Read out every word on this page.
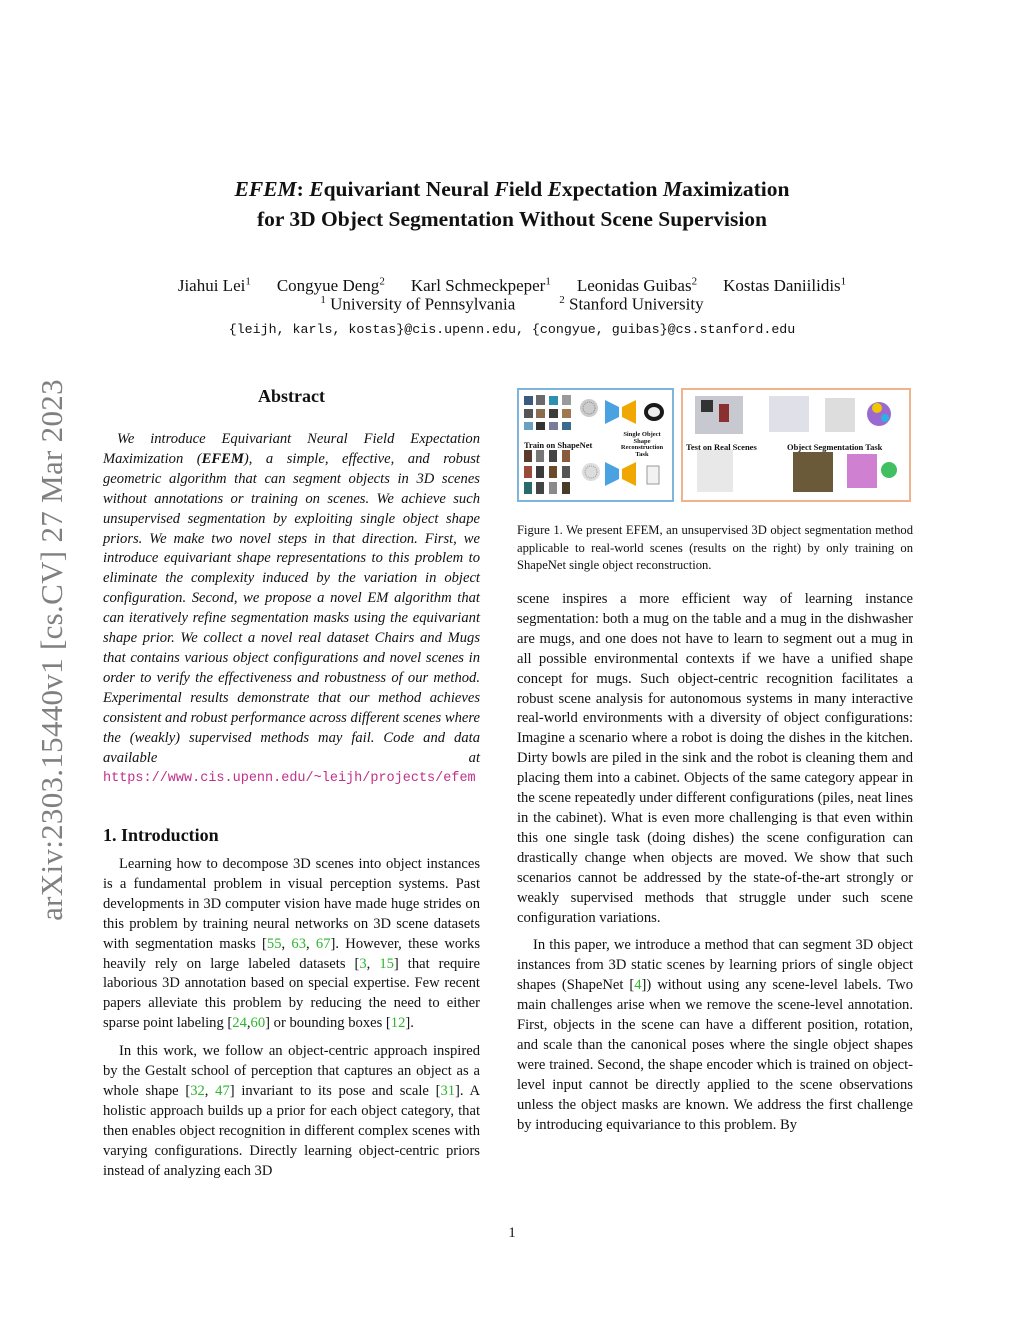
EFEM: Equivariant Neural Field Expectation Maximization
for 3D Object Segmentation Without Scene Supervision
Jiahui Lei$^1$ Congyue Deng$^2$ Karl Schmeckpeper$^1$ Leonidas Guibas$^2$ Kostas Daniilidis$^1$
$^1$ University of Pennsylvania	$^2$ Stanford University
{leijh, karls, kostas}@cis.upenn.edu, {congyue, guibas}@cs.stanford.edu
arXiv:2303.15440v1 [cs.CV] 27 Mar 2023	Abstract

We introduce Equivariant Neural Field Expectation Maximization (EFEM), a simple, effective, and robust geometric algorithm that can segment objects in 3D scenes without annotations or training on scenes. We achieve such unsupervised segmentation by exploiting single object shape priors. We make two novel steps in that direction. First, we introduce equivariant shape representations to this problem to eliminate the complexity induced by the variation in object configuration. Second, we propose a novel EM algorithm that can iteratively refine segmentation masks using the equivariant shape prior. We collect a novel real dataset Chairs and Mugs that contains various object configurations and novel scenes in order to verify the effectiveness and robustness of our method. Experimental results demonstrate that our method achieves consistent and robust performance across different scenes where the (weakly) supervised methods may fail. Code and data available at https://www.cis.upenn.edu/~leijh/projects/efem

1. Introduction

Learning how to decompose 3D scenes into object instances is a fundamental problem in visual perception systems. Past developments in 3D computer vision have made huge strides on this problem by training neural networks on 3D scene datasets with segmentation masks [55, 63, 67]. However, these works heavily rely on large labeled datasets [3, 15] that require laborious 3D annotation based on special expertise. Few recent papers alleviate this problem by reducing the need to either sparse point labeling [24,60] or bounding boxes [12].

In this work, we follow an object-centric approach inspired by the Gestalt school of perception that captures an object as a whole shape [32, 47] invariant to its pose and scale [31]. A holistic approach builds up a prior for each object category, that then enables object recognition in different complex scenes with varying configurations. Directly learning object-centric priors instead of analyzing each 3D

Train on ShapeNet
Single Object
Shape
Reconstruction
Task
Test on Real Scenes	Object Segmentation Task
Figure 1. We present EFEM, an unsupervised 3D object segmentation method applicable to real-world scenes (results on the right) by only training on ShapeNet single object reconstruction.

scene inspires a more efficient way of learning instance segmentation: both a mug on the table and a mug in the dishwasher are mugs, and one does not have to learn to segment out a mug in all possible environmental contexts if we have a unified shape concept for mugs. Such object-centric recognition facilitates a robust scene analysis for autonomous systems in many interactive real-world environments with a diversity of object configurations: Imagine a scenario where a robot is doing the dishes in the kitchen. Dirty bowls are piled in the sink and the robot is cleaning them and placing them into a cabinet. Objects of the same category appear in the scene repeatedly under different configurations (piles, neat lines in the cabinet). What is even more challenging is that even within this one single task (doing dishes) the scene configuration can drastically change when objects are moved. We show that such scenarios cannot be addressed by the state-of-the-art strongly or weakly supervised methods that struggle under such scene configuration variations.

In this paper, we introduce a method that can segment 3D object instances from 3D static scenes by learning priors of single object shapes (ShapeNet [4]) without using any scene-level labels. Two main challenges arise when we remove the scene-level annotation. First, objects in the scene can have a different position, rotation, and scale than the canonical poses where the single object shapes were trained. Second, the shape encoder which is trained on object-level input cannot be directly applied to the scene observations unless the object masks are known. We address the first challenge by introducing equivariance to this problem. By

1
